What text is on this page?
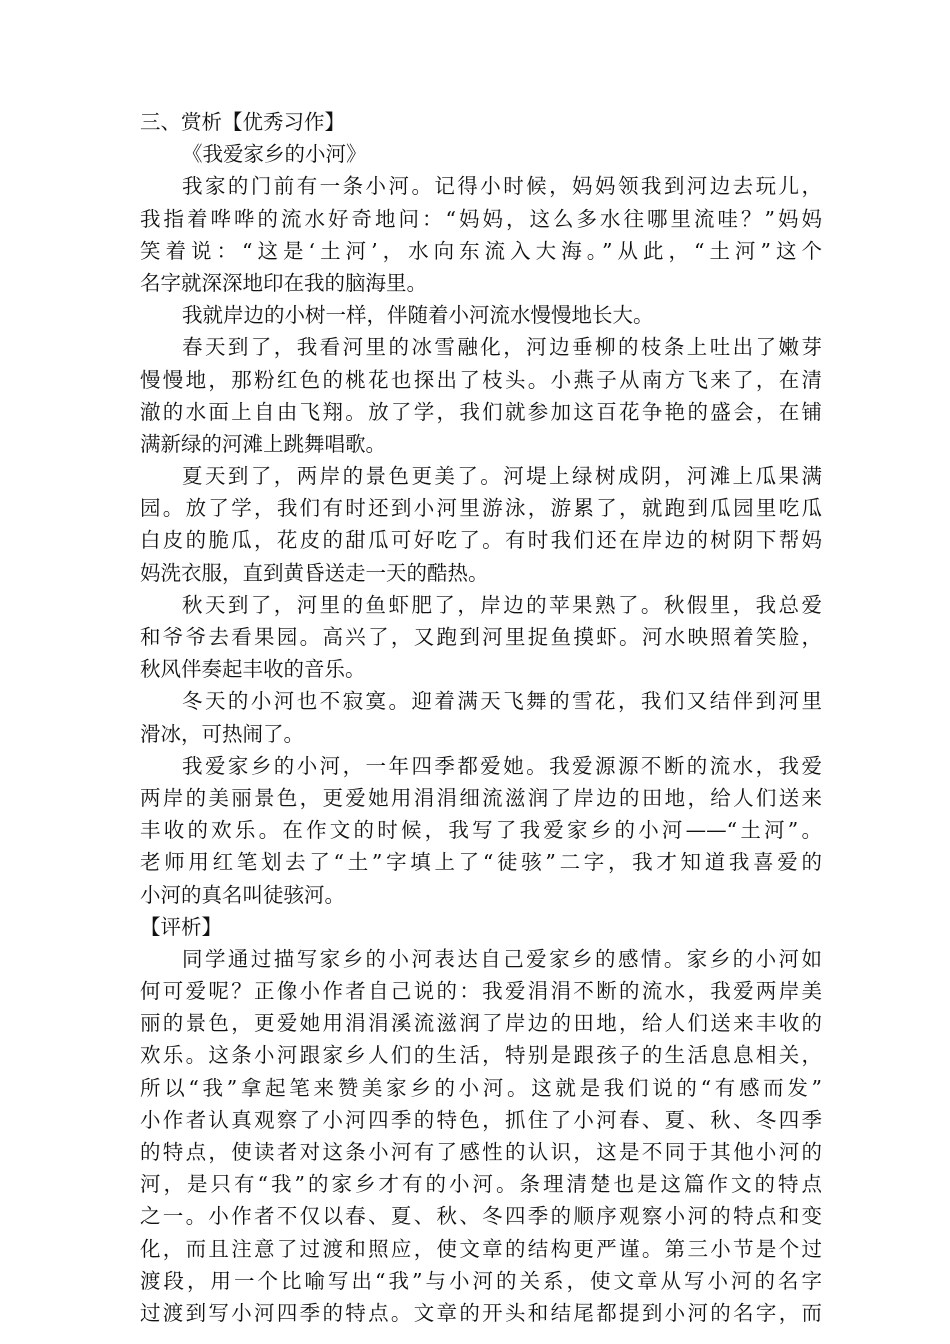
三、赏析【优秀习作】
《我爱家乡的小河》
我家的门前有一条小河。记得小时候，妈妈领我到河边去玩儿，
我指着哗哗的流水好奇地问：“妈妈，这么多水往哪里流哇？”妈妈
笑着说：“这是‘土河’，水向东流入大海。”从此，“土河”这个
名字就深深地印在我的脑海里。
我就岸边的小树一样，伴随着小河流水慢慢地长大。
春天到了，我看河里的冰雪融化，河边垂柳的枝条上吐出了嫩芽
慢慢地，那粉红色的桃花也探出了枝头。小燕子从南方飞来了，在清
澈的水面上自由飞翔。放了学，我们就参加这百花争艳的盛会，在铺
满新绿的河滩上跳舞唱歌。
夏天到了，两岸的景色更美了。河堤上绿树成阴，河滩上瓜果满
园。放了学，我们有时还到小河里游泳，游累了，就跑到瓜园里吃瓜
白皮的脆瓜，花皮的甜瓜可好吃了。有时我们还在岸边的树阴下帮妈
妈洗衣服，直到黄昏送走一天的酷热。
秋天到了，河里的鱼虾肥了，岸边的苹果熟了。秋假里，我总爱
和爷爷去看果园。高兴了，又跑到河里捉鱼摸虾。河水映照着笑脸，
秋风伴奏起丰收的音乐。
冬天的小河也不寂寞。迎着满天飞舞的雪花，我们又结伴到河里
滑冰，可热闹了。
我爱家乡的小河，一年四季都爱她。我爱源源不断的流水，我爱
两岸的美丽景色，更爱她用涓涓细流滋润了岸边的田地，给人们送来
丰收的欢乐。在作文的时候，我写了我爱家乡的小河——“土河”。
老师用红笔划去了“土”字填上了“徒骇”二字，我才知道我喜爱的
小河的真名叫徒骇河。
【评析】
同学通过描写家乡的小河表达自己爱家乡的感情。家乡的小河如
何可爱呢？正像小作者自己说的：我爱涓涓不断的流水，我爱两岸美
丽的景色，更爱她用涓涓溪流滋润了岸边的田地，给人们送来丰收的
欢乐。这条小河跟家乡人们的生活，特别是跟孩子的生活息息相关，
所以“我”拿起笔来赞美家乡的小河。这就是我们说的“有感而发”
小作者认真观察了小河四季的特色，抓住了小河春、夏、秋、冬四季
的特点，使读者对这条小河有了感性的认识，这是不同于其他小河的
河，是只有“我”的家乡才有的小河。条理清楚也是这篇作文的特点
之一。小作者不仅以春、夏、秋、冬四季的顺序观察小河的特点和变
化，而且注意了过渡和照应，使文章的结构更严谨。第三小节是个过
渡段，用一个比喻写出“我”与小河的关系，使文章从写小河的名字
过渡到写小河四季的特点。文章的开头和结尾都提到小河的名字，而
